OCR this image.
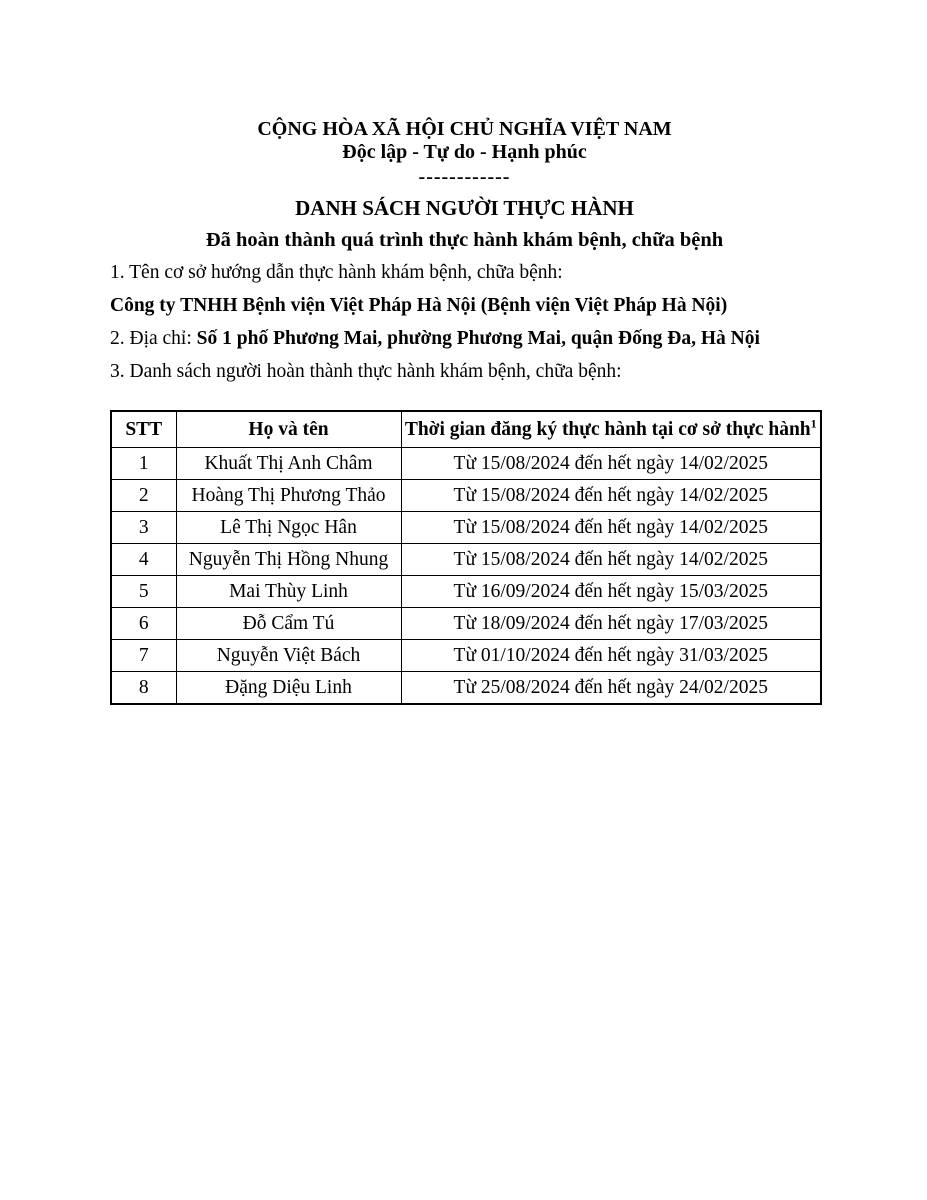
CỘNG HÒA XÃ HỘI CHỦ NGHĨA VIỆT NAM
Độc lập - Tự do - Hạnh phúc
------------
DANH SÁCH NGƯỜI THỰC HÀNH
Đã hoàn thành quá trình thực hành khám bệnh, chữa bệnh

1. Tên cơ sở hướng dẫn thực hành khám bệnh, chữa bệnh:

Công ty TNHH Bệnh viện Việt Pháp Hà Nội (Bệnh viện Việt Pháp Hà Nội)

2. Địa chỉ: Số 1 phố Phương Mai, phường Phương Mai, quận Đống Đa, Hà Nội

3. Danh sách người hoàn thành thực hành khám bệnh, chữa bệnh:

STT	Họ và tên	Thời gian đăng ký thực hành tại cơ sở thực hành$^1$
1	Khuất Thị Anh Châm	Từ 15/08/2024 đến hết ngày 14/02/2025
2	Hoàng Thị Phương Thảo	Từ 15/08/2024 đến hết ngày 14/02/2025
3	Lê Thị Ngọc Hân	Từ 15/08/2024 đến hết ngày 14/02/2025
4	Nguyễn Thị Hồng Nhung	Từ 15/08/2024 đến hết ngày 14/02/2025
5	Mai Thùy Linh	Từ 16/09/2024 đến hết ngày 15/03/2025
6	Đỗ Cẩm Tú	Từ 18/09/2024 đến hết ngày 17/03/2025
7	Nguyễn Việt Bách	Từ 01/10/2024 đến hết ngày 31/03/2025
8	Đặng Diệu Linh	Từ 25/08/2024 đến hết ngày 24/02/2025
